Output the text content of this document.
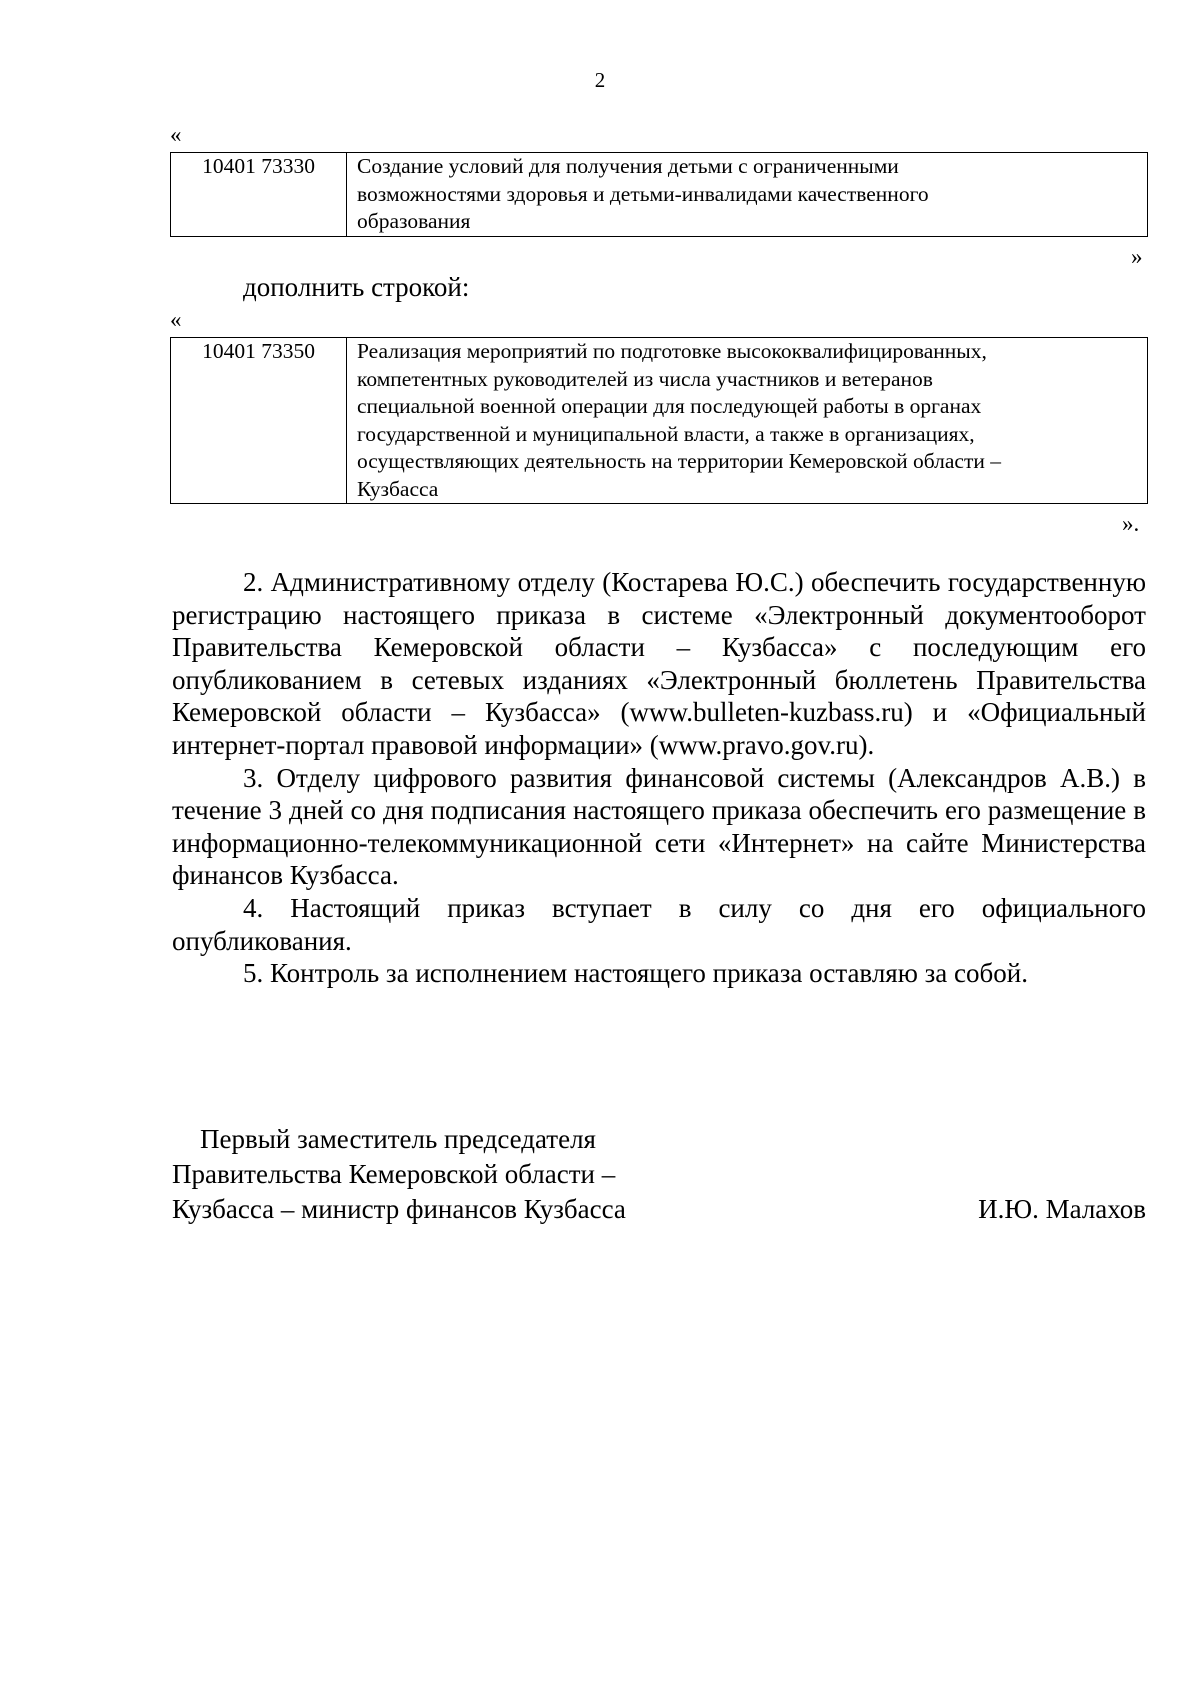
2
«
10401 73330	Создание условий для получения детьми с ограниченными
возможностями здоровья и детьми-инвалидами качественного
образования
»
дополнить строкой:
«
10401 73350	Реализация мероприятий по подготовке высококвалифицированных,
компетентных руководителей из числа участников и ветеранов
специальной военной операции для последующей работы в органах
государственной и муниципальной власти, а также в организациях,
осуществляющих деятельность на территории Кемеровской области –
Кузбасса
».

2. Административному отделу (Костарева Ю.С.) обеспечить государственную регистрацию настоящего приказа в системе «Электронный документооборот Правительства Кемеровской области – Кузбасса» с последующим его опубликованием в сетевых изданиях «Электронный бюллетень Правительства Кемеровской области – Кузбасса» (www.bulleten-kuzbass.ru) и «Официальный интернет-портал правовой информации» (www.pravo.gov.ru).

3. Отделу цифрового развития финансовой системы (Александров А.В.) в течение 3 дней со дня подписания настоящего приказа обеспечить его размещение в информационно-телекоммуникационной сети «Интернет» на сайте Министерства финансов Кузбасса.

4. Настоящий приказ вступает в силу со дня его официального опубликования.

5. Контроль за исполнением настоящего приказа оставляю за собой.

Первый заместитель председателя
Правительства Кемеровской области –
Кузбасса – министр финансов Кузбасса	И.Ю. Малахов
